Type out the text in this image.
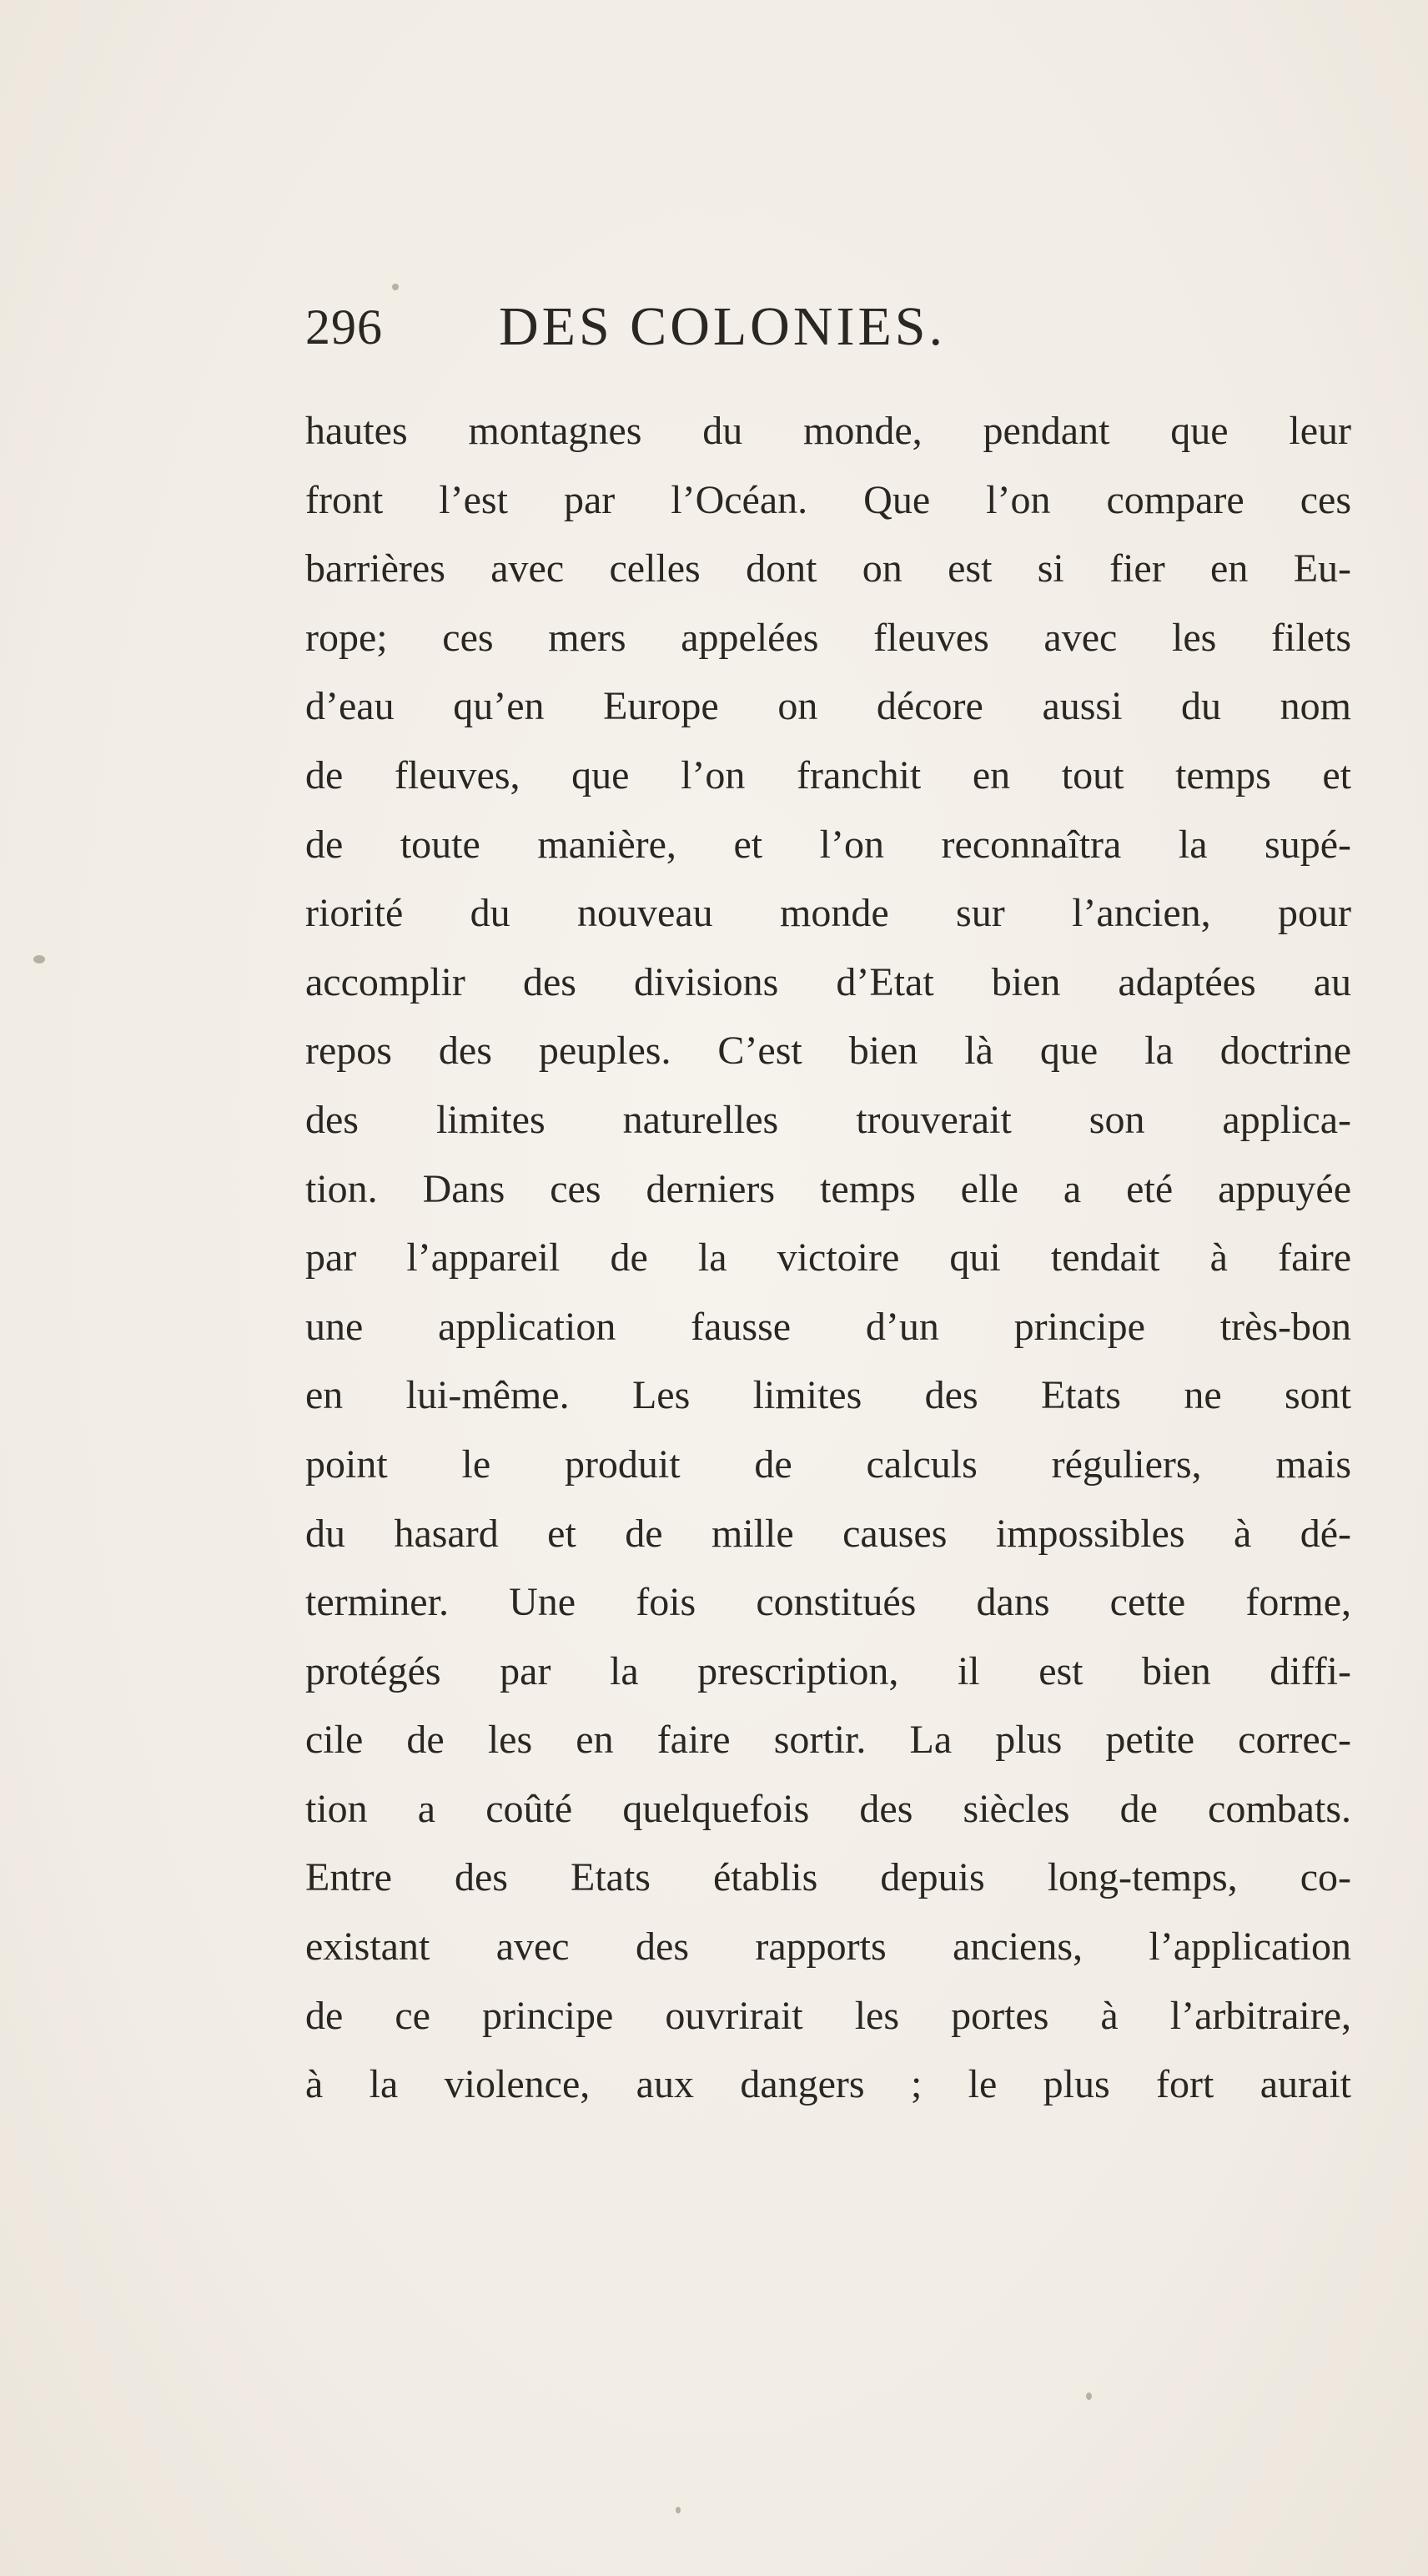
296 DES COLONIES.
hautes montagnes du monde, pendant que leur
front l’est par l’Océan. Que l’on compare ces
barrières avec celles dont on est si fier en Eu-
rope; ces mers appelées fleuves avec les filets
d’eau qu’en Europe on décore aussi du nom
de fleuves, que l’on franchit en tout temps et
de toute manière, et l’on reconnaîtra la supé-
riorité du nouveau monde sur l’ancien, pour
accomplir des divisions d’Etat bien adaptées au
repos des peuples. C’est bien là que la doctrine
des limites naturelles trouverait son applica-
tion. Dans ces derniers temps elle a eté appuyée
par l’appareil de la victoire qui tendait à faire
une application fausse d’un principe très-bon
en lui-même. Les limites des Etats ne sont
point le produit de calculs réguliers, mais
du hasard et de mille causes impossibles à dé-
terminer. Une fois constitués dans cette forme,
protégés par la prescription, il est bien diffi-
cile de les en faire sortir. La plus petite correc-
tion a coûté quelquefois des siècles de combats.
Entre des Etats établis depuis long-temps, co-
existant avec des rapports anciens, l’application
de ce principe ouvrirait les portes à l’arbitraire,
à la violence, aux dangers ; le plus fort aurait
